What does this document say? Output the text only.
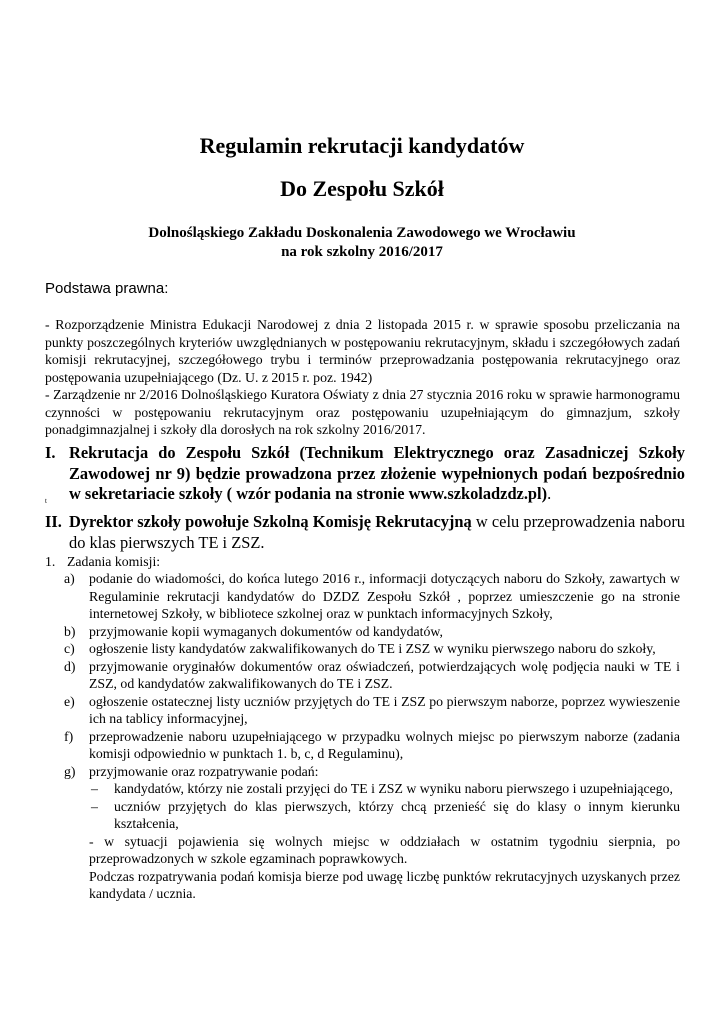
Regulamin rekrutacji kandydatów
Do Zespołu Szkół
Dolnośląskiego Zakładu Doskonalenia Zawodowego we Wrocławiu
na rok szkolny 2016/2017
Podstawa prawna:
- Rozporządzenie Ministra Edukacji Narodowej z dnia 2 listopada 2015 r. w sprawie sposobu przeliczania na punkty poszczególnych kryteriów uwzględnianych w postępowaniu rekrutacyjnym, składu i szczegółowych zadań komisji rekrutacyjnej, szczegółowego trybu i terminów przeprowadzania postępowania rekrutacyjnego oraz postępowania uzupełniającego (Dz. U. z 2015 r. poz. 1942)
- Zarządzenie nr 2/2016 Dolnośląskiego Kuratora Oświaty z dnia 27 stycznia 2016 roku w sprawie harmonogramu czynności w postępowaniu rekrutacyjnym oraz postępowaniu uzupełniającym do gimnazjum, szkoły ponadgimnazjalnej i szkoły dla dorosłych na rok szkolny 2016/2017.
I. Rekrutacja do Zespołu Szkół (Technikum Elektrycznego oraz Zasadniczej Szkoły Zawodowej nr 9) będzie prowadzona przez złożenie wypełnionych podań bezpośrednio w sekretariacie szkoły ( wzór podania na stronie www.szkoladzdz.pl).
t
II. Dyrektor szkoły powołuje Szkolną Komisję Rekrutacyjną w celu przeprowadzenia naboru do klas pierwszych TE i ZSZ.
1. Zadania komisji:
a) podanie do wiadomości, do końca lutego 2016 r., informacji dotyczących naboru do Szkoły, zawartych w Regulaminie rekrutacji kandydatów do DZDZ Zespołu Szkół , poprzez umieszczenie go na stronie internetowej Szkoły, w bibliotece szkolnej oraz w punktach informacyjnych Szkoły,
b) przyjmowanie kopii wymaganych dokumentów od kandydatów,
c) ogłoszenie listy kandydatów zakwalifikowanych do TE i ZSZ w wyniku pierwszego naboru do szkoły,
d) przyjmowanie oryginałów dokumentów oraz oświadczeń, potwierdzających wolę podjęcia nauki w TE i ZSZ, od kandydatów zakwalifikowanych do TE i ZSZ.
e) ogłoszenie ostatecznej listy uczniów przyjętych do TE i ZSZ po pierwszym naborze, poprzez wywieszenie ich na tablicy informacyjnej,
f) przeprowadzenie naboru uzupełniającego w przypadku wolnych miejsc po pierwszym naborze (zadania komisji odpowiednio w punktach 1. b, c, d Regulaminu),
g) przyjmowanie oraz rozpatrywanie podań:
– kandydatów, którzy nie zostali przyjęci do TE i ZSZ w wyniku naboru pierwszego i uzupełniającego,
– uczniów przyjętych do klas pierwszych, którzy chcą przenieść się do klasy o innym kierunku kształcenia,
- w sytuacji pojawienia się wolnych miejsc w oddziałach w ostatnim tygodniu sierpnia, po przeprowadzonych w szkole egzaminach poprawkowych.
Podczas rozpatrywania podań komisja bierze pod uwagę liczbę punktów rekrutacyjnych uzyskanych przez kandydata / ucznia.
